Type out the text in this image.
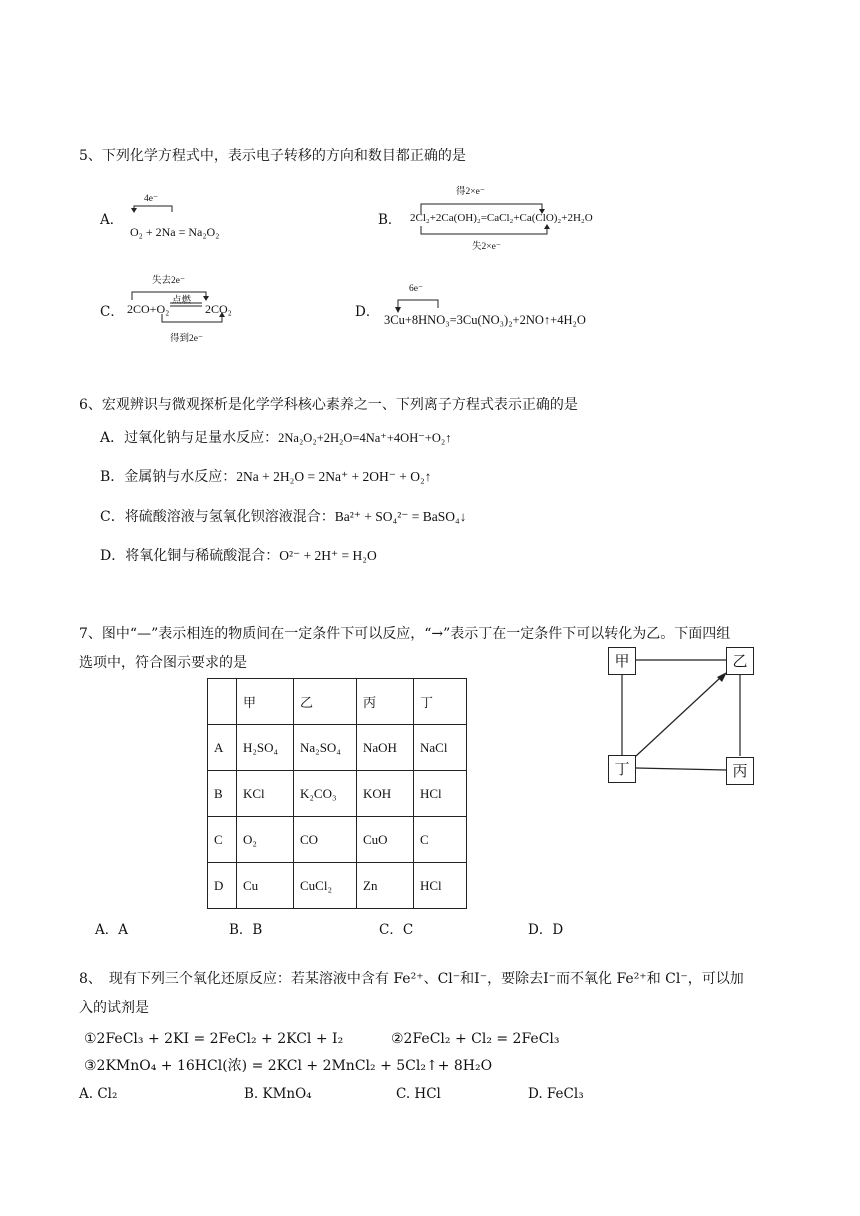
5、下列化学方程式中，表示电子转移的方向和数目都正确的是
A．
4e⁻
O₂ + 2Na = Na₂O₂
B．
得2×e⁻
2Cl₂+2Ca(OH)₂=CaCl₂+Ca(ClO)₂+2H₂O
失2×e⁻
C．
失去2e⁻
2CO+O₂
点燃
2CO₂
得到2e⁻
D．
6e⁻
3Cu+8HNO₃=3Cu(NO₃)₂+2NO↑+4H₂O
6、宏观辨识与微观探析是化学学科核心素养之一、下列离子方程式表示正确的是
A．过氧化钠与足量水反应：2Na₂O₂+2H₂O=4Na⁺+4OH⁻+O₂↑
B．金属钠与水反应：2Na + 2H₂O = 2Na⁺ + 2OH⁻ + O₂↑
C．将硫酸溶液与氢氧化钡溶液混合：Ba²⁺ + SO₄²⁻ = BaSO₄↓
D．将氧化铜与稀硫酸混合：O²⁻ + 2H⁺ = H₂O
7、图中“—”表示相连的物质间在一定条件下可以反应，“→”表示丁在一定条件下可以转化为乙。下面四组
选项中，符合图示要求的是
	甲	乙	丙	丁
A	H₂SO₄	Na₂SO₄	NaOH	NaCl
B	KCl	K₂CO₃	KOH	HCl
C	O₂	CO	CuO	C
D	Cu	CuCl₂	Zn	HCl
甲	乙
丁	丙
A．A	B．B	C．C	D．D
8、　现有下列三个氧化还原反应：若某溶液中含有 Fe²⁺、Cl⁻和I⁻，要除去I⁻而不氧化 Fe²⁺和 Cl⁻，可以加
入的试剂是
①2FeCl₃ + 2KI = 2FeCl₂ + 2KCl + I₂	②2FeCl₂ + Cl₂ = 2FeCl₃
③2KMnO₄ + 16HCl(浓) = 2KCl + 2MnCl₂ + 5Cl₂↑+ 8H₂O
A. Cl₂	B. KMnO₄	C. HCl	D. FeCl₃
